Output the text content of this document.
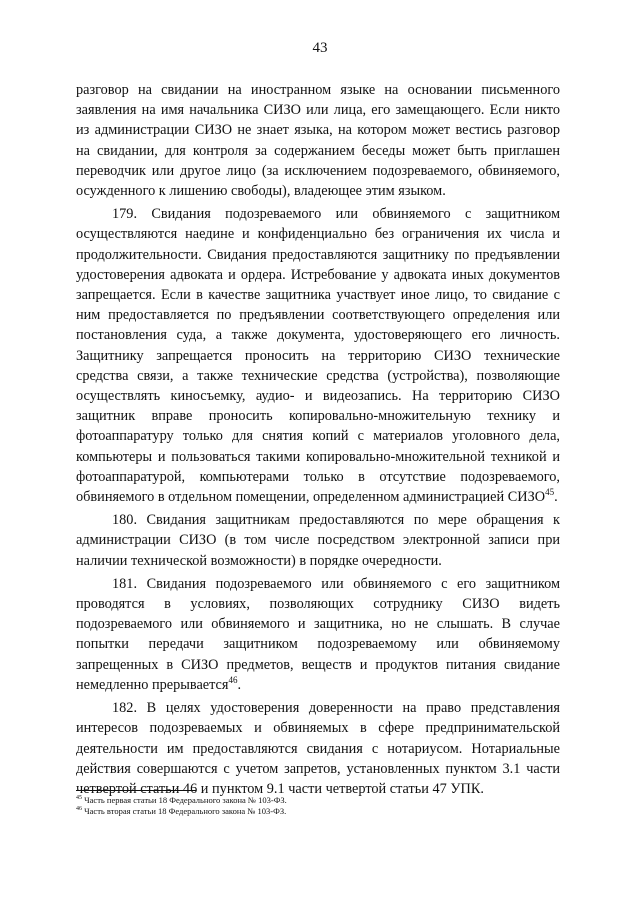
43

разговор на свидании на иностранном языке на основании письменного заявления на имя начальника СИЗО или лица, его замещающего. Если никто из администрации СИЗО не знает языка, на котором может вестись разговор на свидании, для контроля за содержанием беседы может быть приглашен переводчик или другое лицо (за исключением подозреваемого, обвиняемого, осужденного к лишению свободы), владеющее этим языком.

179. Свидания подозреваемого или обвиняемого с защитником осуществляются наедине и конфиденциально без ограничения их числа и продолжительности. Свидания предоставляются защитнику по предъявлении удостоверения адвоката и ордера. Истребование у адвоката иных документов запрещается. Если в качестве защитника участвует иное лицо, то свидание с ним предоставляется по предъявлении соответствующего определения или постановления суда, а также документа, удостоверяющего его личность. Защитнику запрещается проносить на территорию СИЗО технические средства связи, а также технические средства (устройства), позволяющие осуществлять киносъемку, аудио- и видеозапись. На территорию СИЗО защитник вправе проносить копировально-множительную технику и фотоаппаратуру только для снятия копий с материалов уголовного дела, компьютеры и пользоваться такими копировально-множительной техникой и фотоаппаратурой, компьютерами только в отсутствие подозреваемого, обвиняемого в отдельном помещении, определенном администрацией СИЗО$^{45}$.

180. Свидания защитникам предоставляются по мере обращения к администрации СИЗО (в том числе посредством электронной записи при наличии технической возможности) в порядке очередности.

181. Свидания подозреваемого или обвиняемого с его защитником проводятся в условиях, позволяющих сотруднику СИЗО видеть подозреваемого или обвиняемого и защитника, но не слышать. В случае попытки передачи защитником подозреваемому или обвиняемому запрещенных в СИЗО предметов, веществ и продуктов питания свидание немедленно прерывается$^{46}$.

182. В целях удостоверения доверенности на право представления интересов подозреваемых и обвиняемых в сфере предпринимательской деятельности им предоставляются свидания с нотариусом. Нотариальные действия совершаются с учетом запретов, установленных пунктом 3.1 части четвертой статьи 46 и пунктом 9.1 части четвертой статьи 47 УПК.

$^{45}$ Часть первая статьи 18 Федерального закона № 103-ФЗ.
$^{46}$ Часть вторая статьи 18 Федерального закона № 103-ФЗ.
